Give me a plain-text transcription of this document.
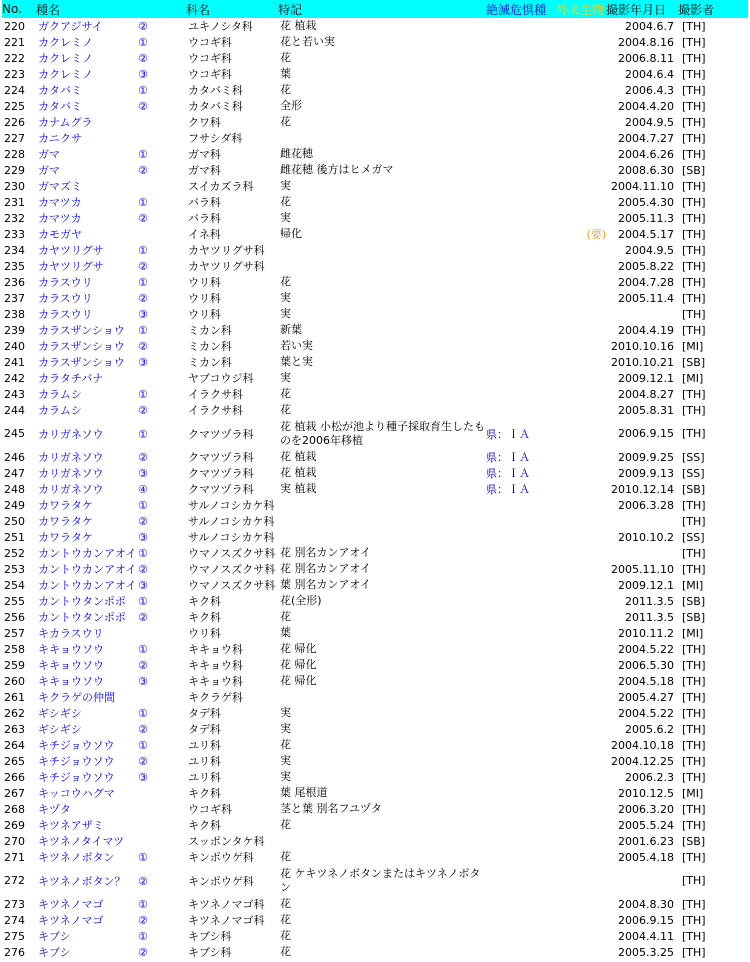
No.	種名	科名	特記	絶滅危惧種	外来生物	撮影年月日	撮影者
220	ガクアジサイ ②	ユキノシタ科	花 植栽			2004.6.7	[TH]
221	カクレミノ ①	ウコギ科	花と若い実			2004.8.16	[TH]
222	カクレミノ ②	ウコギ科	花			2006.8.11	[TH]
223	カクレミノ ③	ウコギ科	葉			2004.6.4	[TH]
224	カタバミ ①	カタバミ科	花			2006.4.3	[TH]
225	カタバミ ②	カタバミ科	全形			2004.4.20	[TH]
226	カナムグラ	クワ科	花			2004.9.5	[TH]
227	カニクサ	フサシダ科				2004.7.27	[TH]
228	ガマ ①	ガマ科	雌花穂			2004.6.26	[TH]
229	ガマ ②	ガマ科	雌花穂 後方はヒメガマ			2008.6.30	[SB]
230	ガマズミ	スイカズラ科	実			2004.11.10	[TH]
231	カマツカ ①	バラ科	花			2005.4.30	[TH]
232	カマツカ ②	バラ科	実			2005.11.3	[TH]
233	カモガヤ	イネ科	帰化		(要)	2004.5.17	[TH]
234	カヤツリグサ ①	カヤツリグサ科				2004.9.5	[TH]
235	カヤツリグサ ②	カヤツリグサ科				2005.8.22	[TH]
236	カラスウリ ①	ウリ科	花			2004.7.28	[TH]
237	カラスウリ ②	ウリ科	実			2005.11.4	[TH]
238	カラスウリ ③	ウリ科	実				[TH]
239	カラスザンショウ ①	ミカン科	新葉			2004.4.19	[TH]
240	カラスザンショウ ②	ミカン科	若い実			2010.10.16	[MI]
241	カラスザンショウ ③	ミカン科	葉と実			2010.10.21	[SB]
242	カラタチバナ	ヤブコウジ科	実			2009.12.1	[MI]
243	カラムシ ①	イラクサ科	花			2004.8.27	[TH]
244	カラムシ ②	イラクサ科	花			2005.8.31	[TH]
245	カリガネソウ ①	クマツヅラ科	花 植栽 小松が池より種子採取育生したものを2006年移植	県：ＩＡ		2006.9.15	[TH]
246	カリガネソウ ②	クマツヅラ科	花 植栽	県：ＩＡ		2009.9.25	[SS]
247	カリガネソウ ③	クマツヅラ科	花 植栽	県：ＩＡ		2009.9.13	[SS]
248	カリガネソウ ④	クマツヅラ科	実 植栽	県：ＩＡ		2010.12.14	[SB]
249	カワラタケ ①	サルノコシカケ科				2006.3.28	[TH]
250	カワラタケ ②	サルノコシカケ科					[TH]
251	カワラタケ ③	サルノコシカケ科				2010.10.2	[SS]
252	カントウカンアオイ ①	ウマノスズクサ科	花 別名カンアオイ				[TH]
253	カントウカンアオイ ②	ウマノスズクサ科	花 別名カンアオイ			2005.11.10	[TH]
254	カントウカンアオイ ③	ウマノスズクサ科	葉 別名カンアオイ			2009.12.1	[MI]
255	カントウタンポポ ①	キク科	花(全形)			2011.3.5	[SB]
256	カントウタンポポ ②	キク科	花			2011.3.5	[SB]
257	キカラスウリ	ウリ科	葉			2010.11.2	[MI]
258	キキョウソウ ①	キキョウ科	花 帰化			2004.5.22	[TH]
259	キキョウソウ ②	キキョウ科	花 帰化			2006.5.30	[TH]
260	キキョウソウ ③	キキョウ科	花 帰化			2004.5.18	[TH]
261	キクラゲの仲間	キクラゲ科				2005.4.27	[TH]
262	ギシギシ ①	タデ科	実			2004.5.22	[TH]
263	ギシギシ ②	タデ科	実			2005.6.2	[TH]
264	キチジョウソウ ①	ユリ科	花			2004.10.18	[TH]
265	キチジョウソウ ②	ユリ科	実			2004.12.25	[TH]
266	キチジョウソウ ③	ユリ科	実			2006.2.3	[TH]
267	キッコウハグマ	キク科	葉 尾根道			2010.12.5	[MI]
268	キヅタ	ウコギ科	茎と葉 別名フユヅタ			2006.3.20	[TH]
269	キツネアザミ	キク科	花			2005.5.24	[TH]
270	キツネノタイマツ	スッポンタケ科				2001.6.23	[SB]
271	キツネノボタン ①	キンポウゲ科	花			2005.4.18	[TH]
272	キツネノボタン？ ②	キンポウゲ科	花 ケキツネノボタンまたはキツネノボタン				[TH]
273	キツネノマゴ ①	キツネノマゴ科	花			2004.8.30	[TH]
274	キツネノマゴ ②	キツネノマゴ科	花			2006.9.15	[TH]
275	キブシ ①	キブシ科	花			2004.4.11	[TH]
276	キブシ ②	キブシ科	花			2005.3.25	[TH]
